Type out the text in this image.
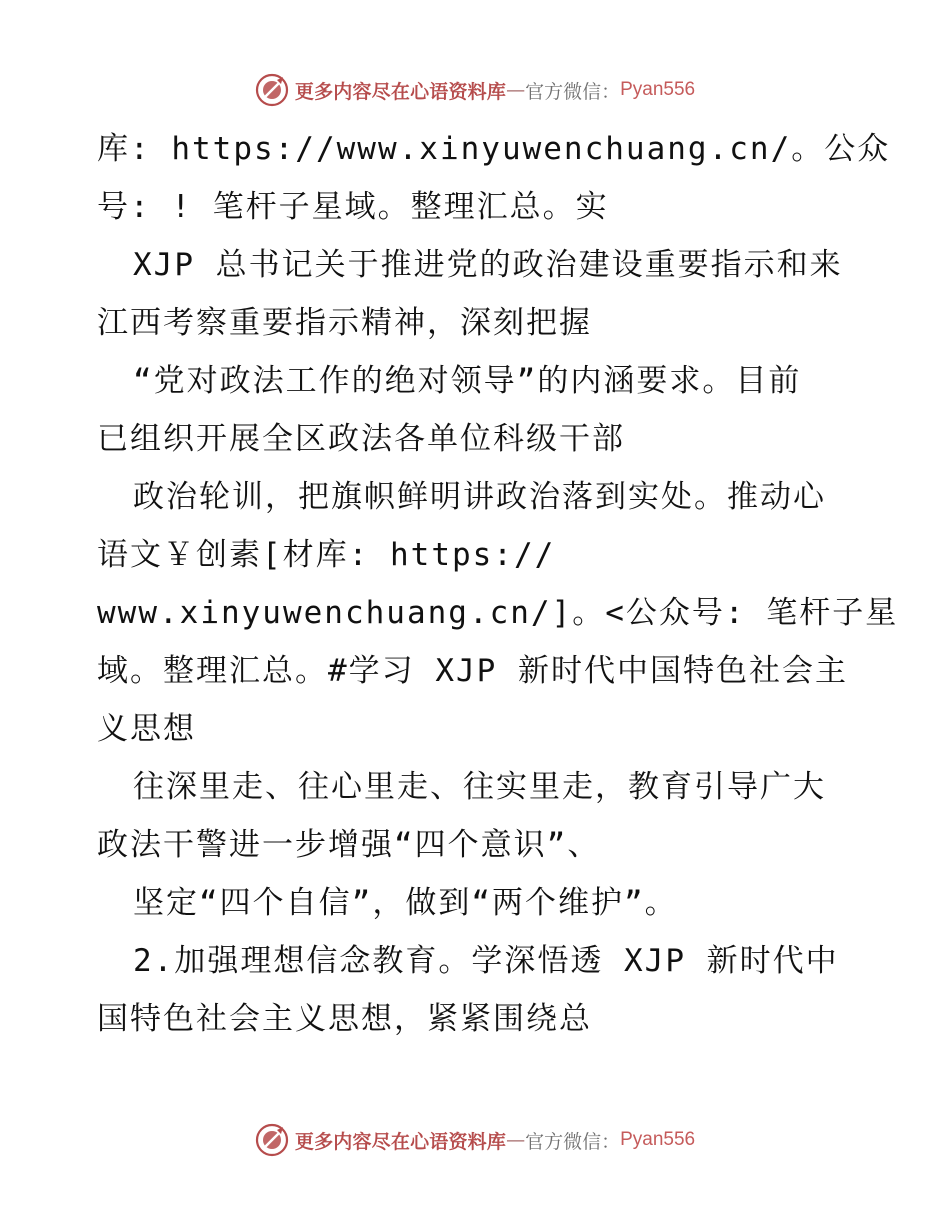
更多内容尽在心语资料库 — 官方微信： Pyan556
库: https://www.xinyuwenchuang.cn/。公众
号: ! 笔杆子星域。整理汇总。实
XJP 总书记关于推进党的政治建设重要指示和来
江西考察重要指示精神，深刻把握
“党对政法工作的绝对领导”的内涵要求。目前
已组织开展全区政法各单位科级干部
政治轮训，把旗帜鲜明讲政治落到实处。推动心
语文￥创素[材库: https://
www.xinyuwenchuang.cn/]。<公众号: 笔杆子星
域。整理汇总。#学习 XJP 新时代中国特色社会主
义思想
往深里走、往心里走、往实里走，教育引导广大
政法干警进一步增强“四个意识”、
坚定“四个自信”，做到“两个维护”。
2.加强理想信念教育。学深悟透 XJP 新时代中
国特色社会主义思想，紧紧围绕总
更多内容尽在心语资料库 — 官方微信： Pyan556
